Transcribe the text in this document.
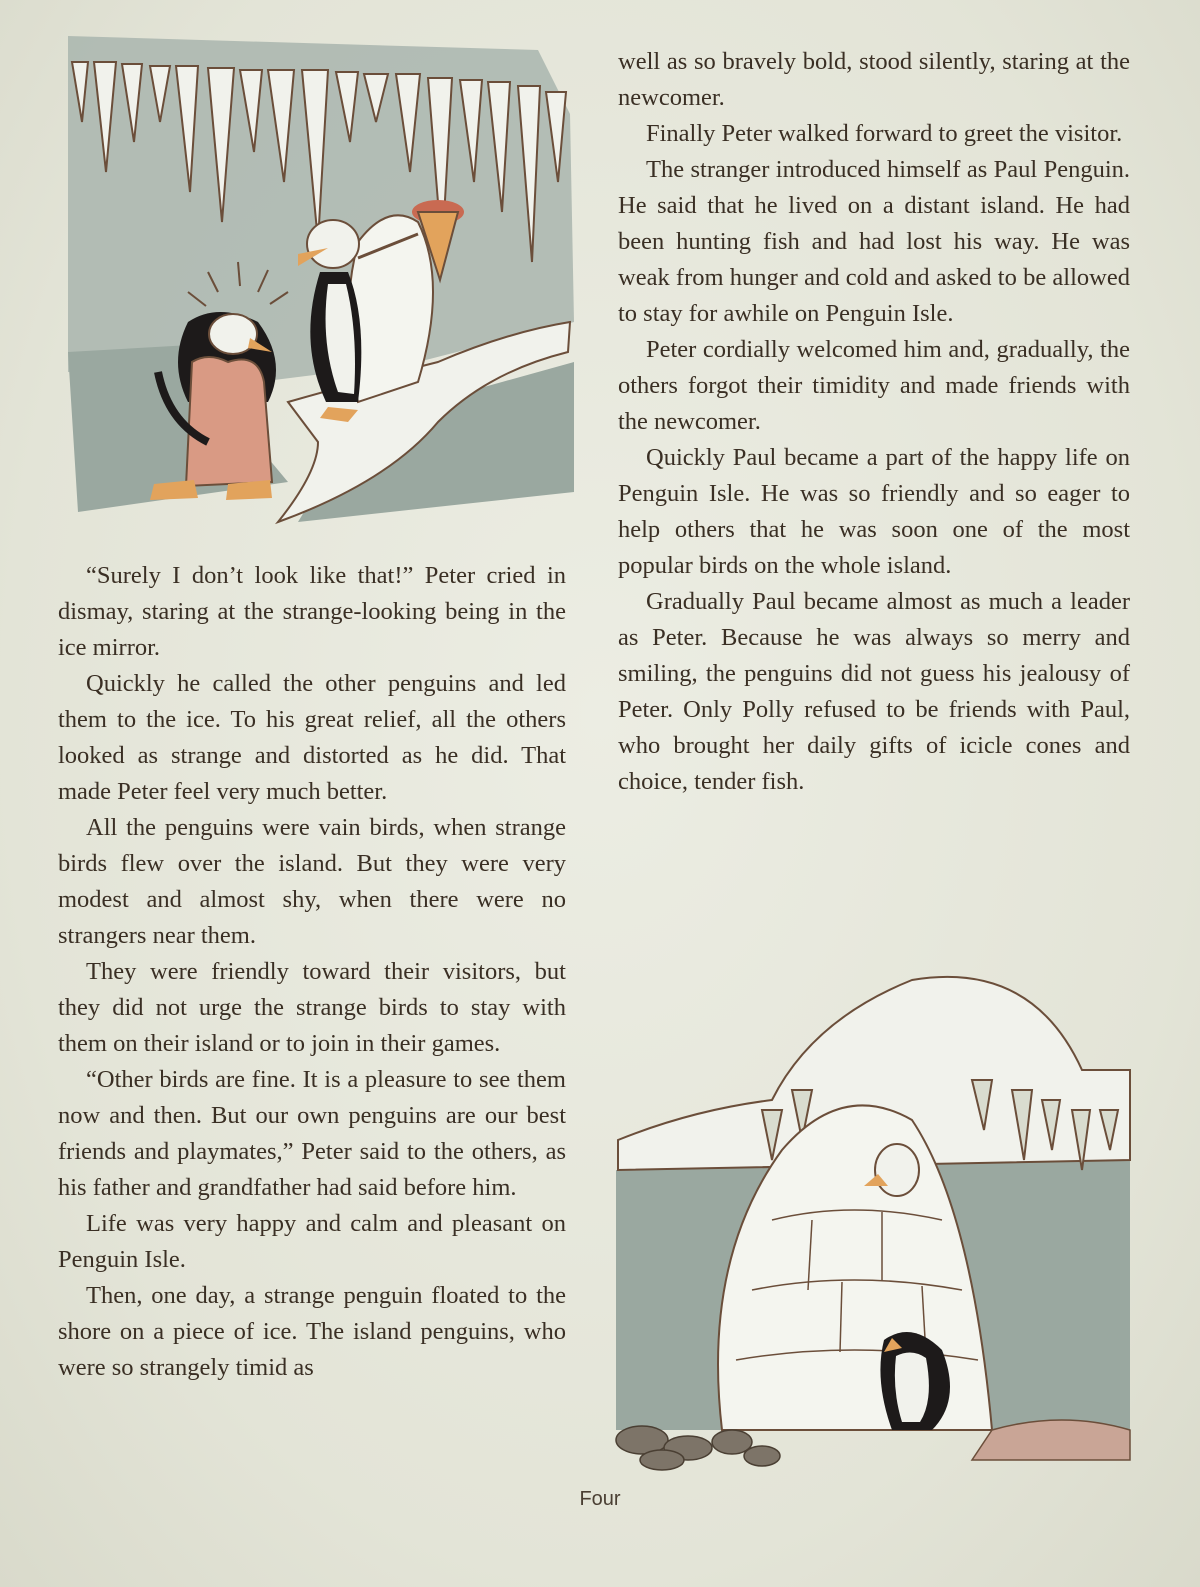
“Surely I don’t look like that!” Peter cried in dismay, staring at the strange-looking being in the ice mirror.

Quickly he called the other penguins and led them to the ice. To his great relief, all the others looked as strange and distorted as he did. That made Peter feel very much better.

All the penguins were vain birds, when strange birds flew over the island. But they were very modest and almost shy, when there were no strangers near them.

They were friendly toward their visitors, but they did not urge the strange birds to stay with them on their island or to join in their games.

“Other birds are fine. It is a pleasure to see them now and then. But our own penguins are our best friends and playmates,” Peter said to the others, as his father and grandfather had said before him.

Life was very happy and calm and pleasant on Penguin Isle.

Then, one day, a strange penguin floated to the shore on a piece of ice. The island penguins, who were so strangely timid as

well as so bravely bold, stood silently, staring at the newcomer.

Finally Peter walked forward to greet the visitor.

The stranger introduced himself as Paul Penguin. He said that he lived on a distant island. He had been hunting fish and had lost his way. He was weak from hunger and cold and asked to be allowed to stay for awhile on Penguin Isle.

Peter cordially welcomed him and, gradually, the others forgot their timidity and made friends with the newcomer.

Quickly Paul became a part of the happy life on Penguin Isle. He was so friendly and so eager to help others that he was soon one of the most popular birds on the whole island.

Gradually Paul became almost as much a leader as Peter. Because he was always so merry and smiling, the penguins did not guess his jealousy of Peter. Only Polly refused to be friends with Paul, who brought her daily gifts of icicle cones and choice, tender fish.

Four
